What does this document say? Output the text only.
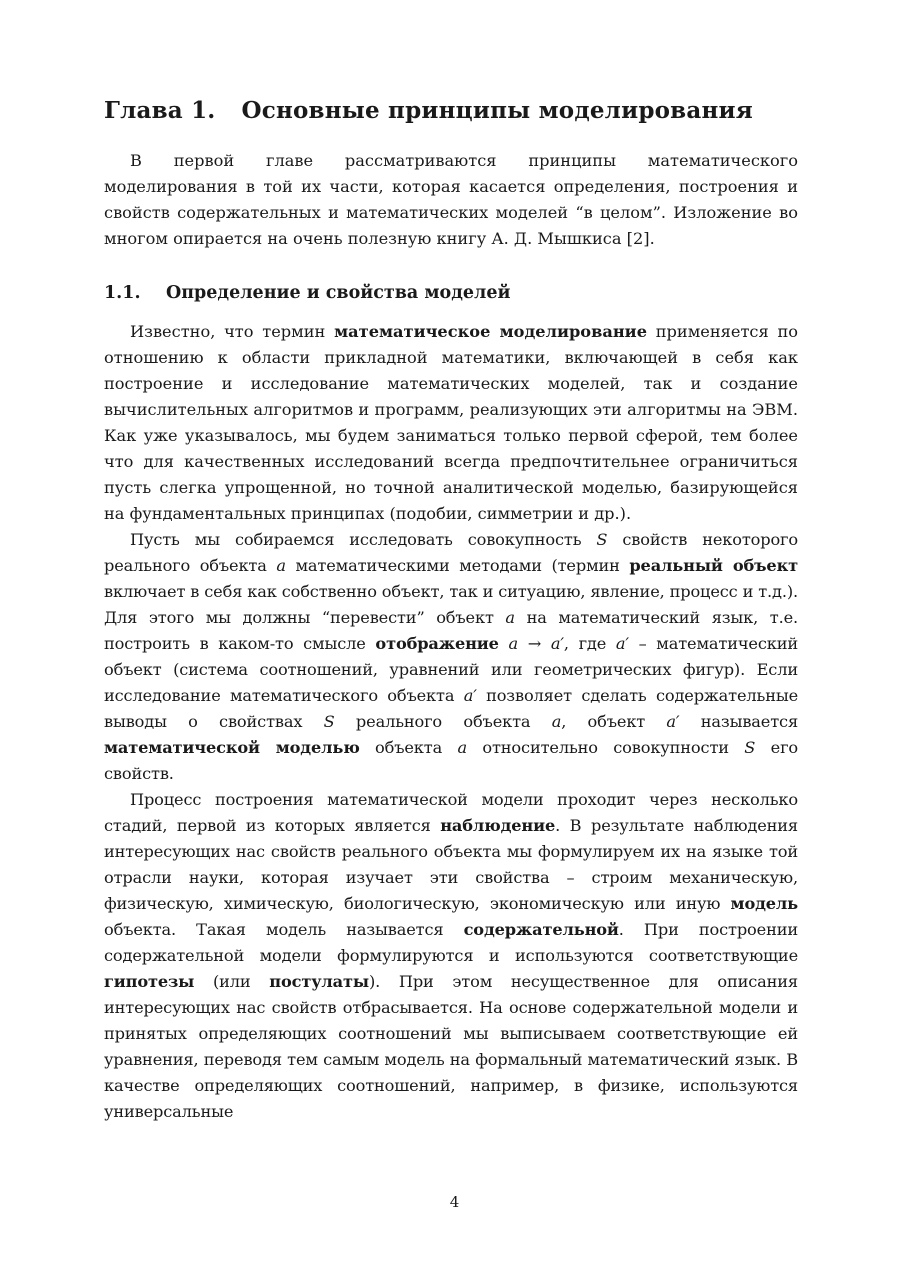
Глава 1. Основные принципы моделирования

В первой главе рассматриваются принципы математического моделирования в той их части, которая касается определения, построения и свойств содержательных и математических моделей “в целом”. Изложение во многом опирается на очень полезную книгу А. Д. Мышкиса [2].

1.1. Определение и свойства моделей

Известно, что термин математическое моделирование применяется по отношению к области прикладной математики, включающей в себя как построение и исследование математических моделей, так и создание вычислительных алгоритмов и программ, реализующих эти алгоритмы на ЭВМ. Как уже указывалось, мы будем заниматься только первой сферой, тем более что для качественных исследований всегда предпочтительнее ограничиться пусть слегка упрощенной, но точной аналитической моделью, базирующейся на фундаментальных принципах (подобии, симметрии и др.).

Пусть мы собираемся исследовать совокупность S свойств некоторого реального объекта a математическими методами (термин реальный объект включает в себя как собственно объект, так и ситуацию, явление, процесс и т.д.). Для этого мы должны “перевести” объект a на математический язык, т.е. построить в каком-то смысле отображение a → a′, где a′ – математический объект (система соотношений, уравнений или геометрических фигур). Если исследование математического объекта a′ позволяет сделать содержательные выводы о свойствах S реального объекта a, объект a′ называется математической моделью объекта a относительно совокупности S его свойств.

Процесс построения математической модели проходит через несколько стадий, первой из которых является наблюдение. В результате наблюдения интересующих нас свойств реального объекта мы формулируем их на языке той отрасли науки, которая изучает эти свойства – строим механическую, физическую, химическую, биологическую, экономическую или иную модель объекта. Такая модель называется содержательной. При построении содержательной модели формулируются и используются соответствующие гипотезы (или постулаты). При этом несущественное для описания интересующих нас свойств отбрасывается. На основе содержательной модели и принятых определяющих соотношений мы выписываем соответствующие ей уравнения, переводя тем самым модель на формальный математический язык. В качестве определяющих соотношений, например, в физике, используются универсальные

4
